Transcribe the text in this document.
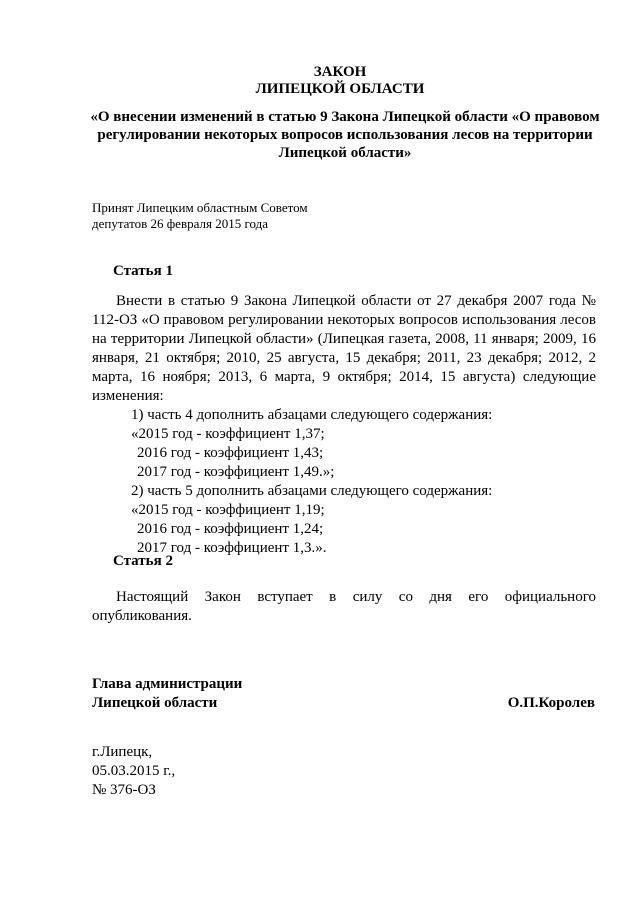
ЗАКОН
ЛИПЕЦКОЙ ОБЛАСТИ
«О внесении изменений в статью 9 Закона Липецкой области «О правовом регулировании некоторых вопросов использования лесов на территории Липецкой области»
Принят Липецким областным Советом
депутатов 26 февраля 2015 года
Статья 1
Внести в статью 9 Закона Липецкой области от 27 декабря 2007 года № 112-ОЗ «О правовом регулировании некоторых вопросов использования лесов на территории Липецкой области» (Липецкая газета, 2008, 11 января; 2009, 16 января, 21 октября; 2010, 25 августа, 15 декабря; 2011, 23 декабря; 2012, 2 марта, 16 ноября; 2013, 6 марта, 9 октября; 2014, 15 августа) следующие изменения:
1) часть 4 дополнить абзацами следующего содержания:
«2015 год - коэффициент 1,37;
2016 год - коэффициент 1,43;
2017 год - коэффициент 1,49.»;
2) часть 5 дополнить абзацами следующего содержания:
«2015 год - коэффициент 1,19;
2016 год - коэффициент 1,24;
2017 год - коэффициент 1,3.».
Статья 2
Настоящий Закон вступает в силу со дня его официального опубликования.
Глава администрации
Липецкой области	О.П.Королев
г.Липецк,
05.03.2015 г.,
№ 376-ОЗ
